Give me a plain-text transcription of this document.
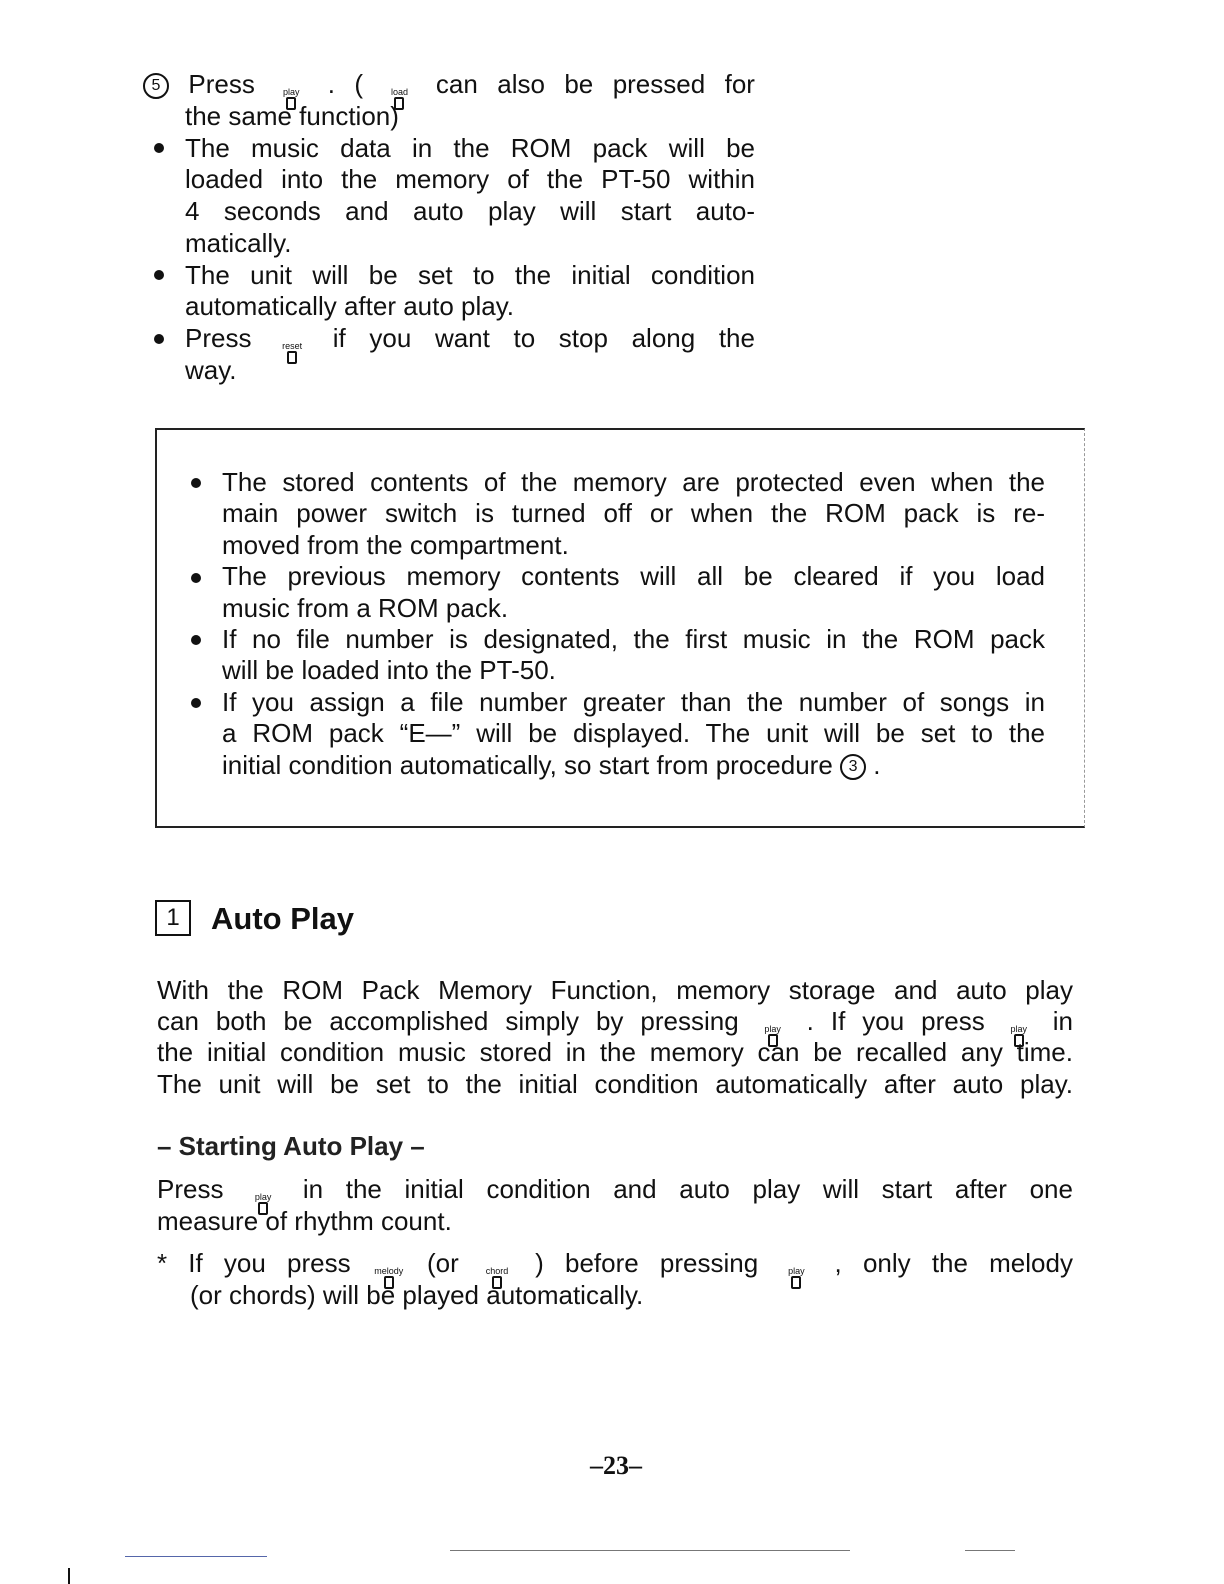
5 Press	play . (	load can also be pressed for
the same function)
The music data in the ROM pack will be
loaded into the memory of the PT-50 within
4 seconds and auto play will start auto-
matically.
The unit will be set to the initial condition
automatically after auto play.
Press	reset if you want to stop along the
way.
The stored contents of the memory are protected even when the
main power switch is turned off or when the ROM pack is re-
moved from the compartment.
The previous memory contents will all be cleared if you load
music from a ROM pack.
If no file number is designated, the first music in the ROM pack
will be loaded into the PT-50.
If you assign a file number greater than the number of songs in
a ROM pack “E—” will be displayed. The unit will be set to the
initial condition automatically, so start from procedure 3 .
1	Auto Play
With the ROM Pack Memory Function, memory storage and auto play
can both be accomplished simply by pressing	play . If you press	play in
the initial condition music stored in the memory can be recalled any time.
The unit will be set to the initial condition automatically after auto play.
– Starting Auto Play –
Press	play in the initial condition and auto play will start after one
measure of rhythm count.
* If you press	melody (or	chord ) before pressing	play , only the melody
(or chords) will be played automatically.
–23–
